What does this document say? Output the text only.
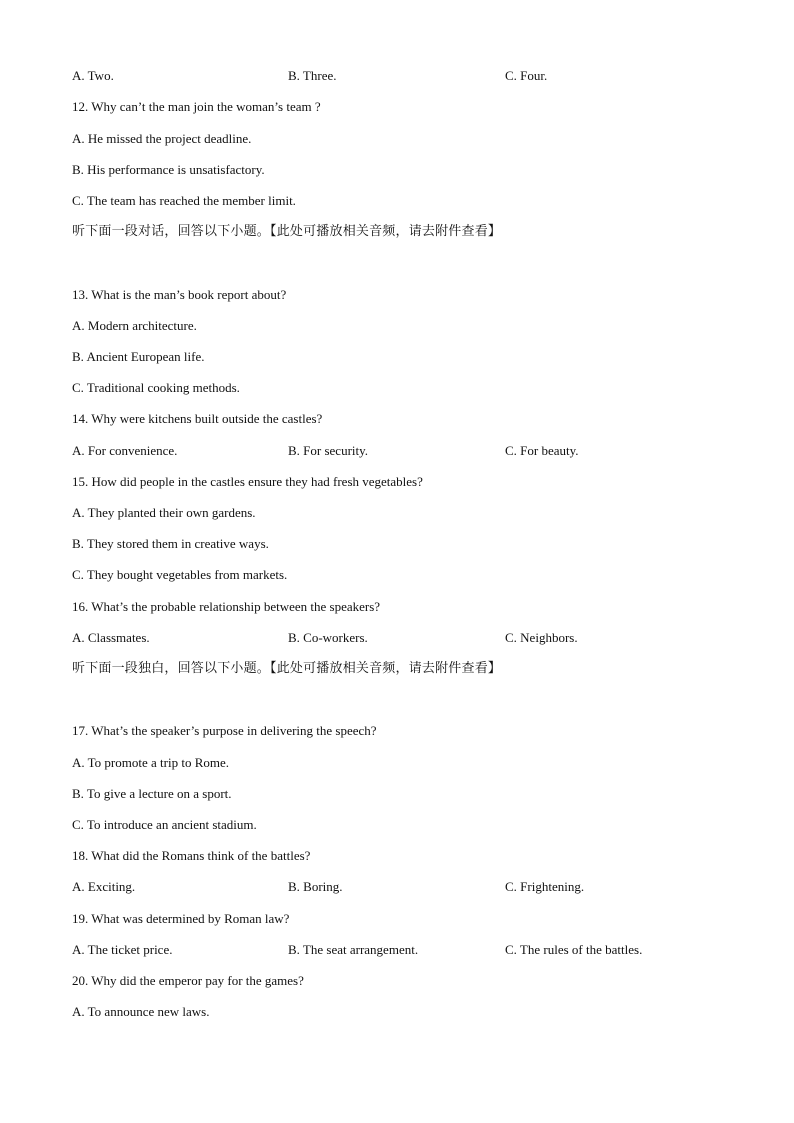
A. Two.	B. Three.	C. Four.
12. Why can’t the man join the woman’s team ?
A. He missed the project deadline.
B. His performance is unsatisfactory.
C. The team has reached the member limit.
听下面一段对话，回答以下小题。【此处可播放相关音频，请去附件查看】
13. What is the man’s book report about?
A. Modern architecture.
B. Ancient European life.
C. Traditional cooking methods.
14. Why were kitchens built outside the castles?
A. For convenience.	B. For security.	C. For beauty.
15. How did people in the castles ensure they had fresh vegetables?
A. They planted their own gardens.
B. They stored them in creative ways.
C. They bought vegetables from markets.
16. What’s the probable relationship between the speakers?
A. Classmates.	B. Co-workers.	C. Neighbors.
听下面一段独白，回答以下小题。【此处可播放相关音频，请去附件查看】
17. What’s the speaker’s purpose in delivering the speech?
A. To promote a trip to Rome.
B. To give a lecture on a sport.
C. To introduce an ancient stadium.
18. What did the Romans think of the battles?
A. Exciting.	B. Boring.	C. Frightening.
19. What was determined by Roman law?
A. The ticket price.	B. The seat arrangement.	C. The rules of the battles.
20. Why did the emperor pay for the games?
A. To announce new laws.
